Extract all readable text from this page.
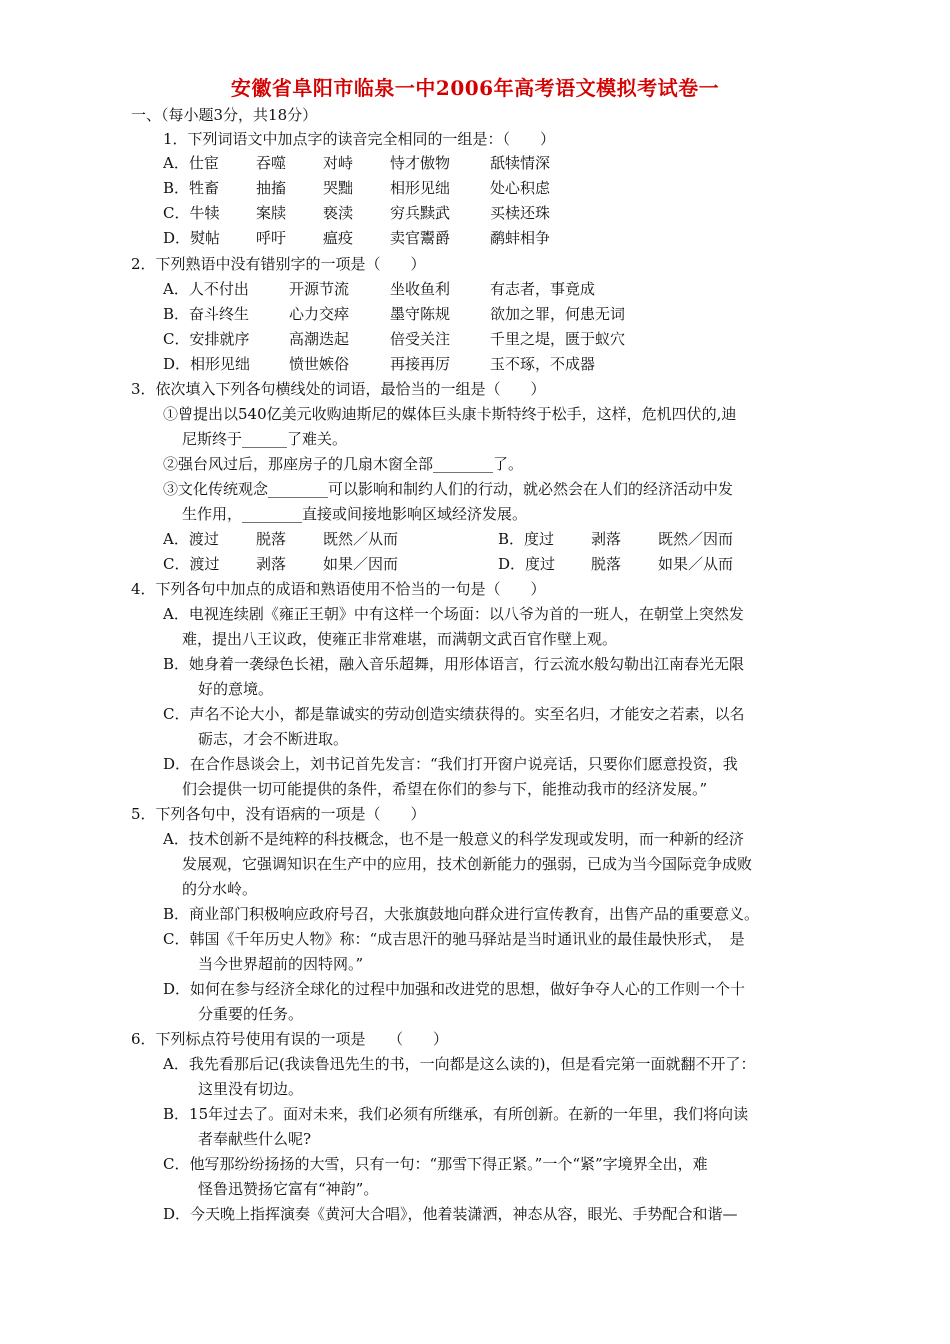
安徽省阜阳市临泉一中2006年高考语文模拟考试卷一
一、（每小题3分，共18分）
1．下列词语文中加点字的读音完全相同的一组是：（　　）
A．仕宦 吞噬 对峙 恃才傲物	舐犊情深
B．牲畜 抽搐 哭黜 相形见绌	处心积虑
C．牛犊 案牍 亵渎 穷兵黩武	买椟还珠
D．熨帖 呼吁 瘟疫 卖官鬻爵	鹬蚌相争
2．下列熟语中没有错别字的一项是（　　）
A．人不付出	开源节流	坐收鱼利	有志者，事竟成
B．奋斗终生	心力交瘁	墨守陈规	欲加之罪，何患无词
C．安排就序	高潮迭起	倍受关注	千里之堤，匮于蚁穴
D．相形见绌	愤世嫉俗	再接再厉	玉不琢，不成器
3．依次填入下列各句横线处的词语，最恰当的一组是（　　）
①曾提出以540亿美元收购迪斯尼的媒体巨头康卡斯特终于松手，这样，危机四伏的,迪
尼斯终于______了难关。
②强台风过后，那座房子的几扇木窗全部________了。
③文化传统观念________可以影响和制约人们的行动，就必然会在人们的经济活动中发
生作用，________直接或间接地影响区域经济发展。
A．渡过 脱落 既然／从而	B．度过 剥落 既然／因而
C．渡过 剥落 如果／因而	D．度过 脱落 如果／从而
4．下列各句中加点的成语和熟语使用不恰当的一句是（　　）
A．电视连续剧《雍正王朝》中有这样一个场面：以八爷为首的一班人，在朝堂上突然发
难，提出八王议政，使雍正非常难堪，而满朝文武百官作壁上观。
B．她身着一袭绿色长裙，融入音乐超舞，用形体语言，行云流水般勾勒出江南春光无限
好的意境。
C．声名不论大小，都是靠诚实的劳动创造实绩获得的。实至名归，才能安之若素，以名
砺志，才会不断进取。
D．在合作恳谈会上，刘书记首先发言：“我们打开窗户说亮话，只要你们愿意投资，我
们会提供一切可能提供的条件，希望在你们的参与下，能推动我市的经济发展。”
5．下列各句中，没有语病的一项是（　　）
A．技术创新不是纯粹的科技概念，也不是一般意义的科学发现或发明，而一种新的经济
发展观，它强调知识在生产中的应用，技术创新能力的强弱，已成为当今国际竞争成败
的分水岭。
B．商业部门积极响应政府号召，大张旗鼓地向群众进行宣传教育，出售产品的重要意义。
C．韩国《千年历史人物》称：“成吉思汗的驰马驿站是当时通讯业的最佳最快形式，　是
当今世界超前的因特网。”
D．如何在参与经济全球化的过程中加强和改进党的思想，做好争夺人心的工作则一个十
分重要的任务。
6．下列标点符号使用有误的一项是　　（　　）
A．我先看那后记(我读鲁迅先生的书，一向都是这么读的)，但是看完第一面就翻不开了：
这里没有切边。
B．15年过去了。面对未来，我们必须有所继承，有所创新。在新的一年里，我们将向读
者奉献些什么呢?
C．他写那纷纷扬扬的大雪，只有一句：“那雪下得正紧。”一个“紧”字境界全出，难
怪鲁迅赞扬它富有“神韵”。
D．今天晚上指挥演奏《黄河大合唱》，他着装潇洒，神态从容，眼光、手势配合和谐—
